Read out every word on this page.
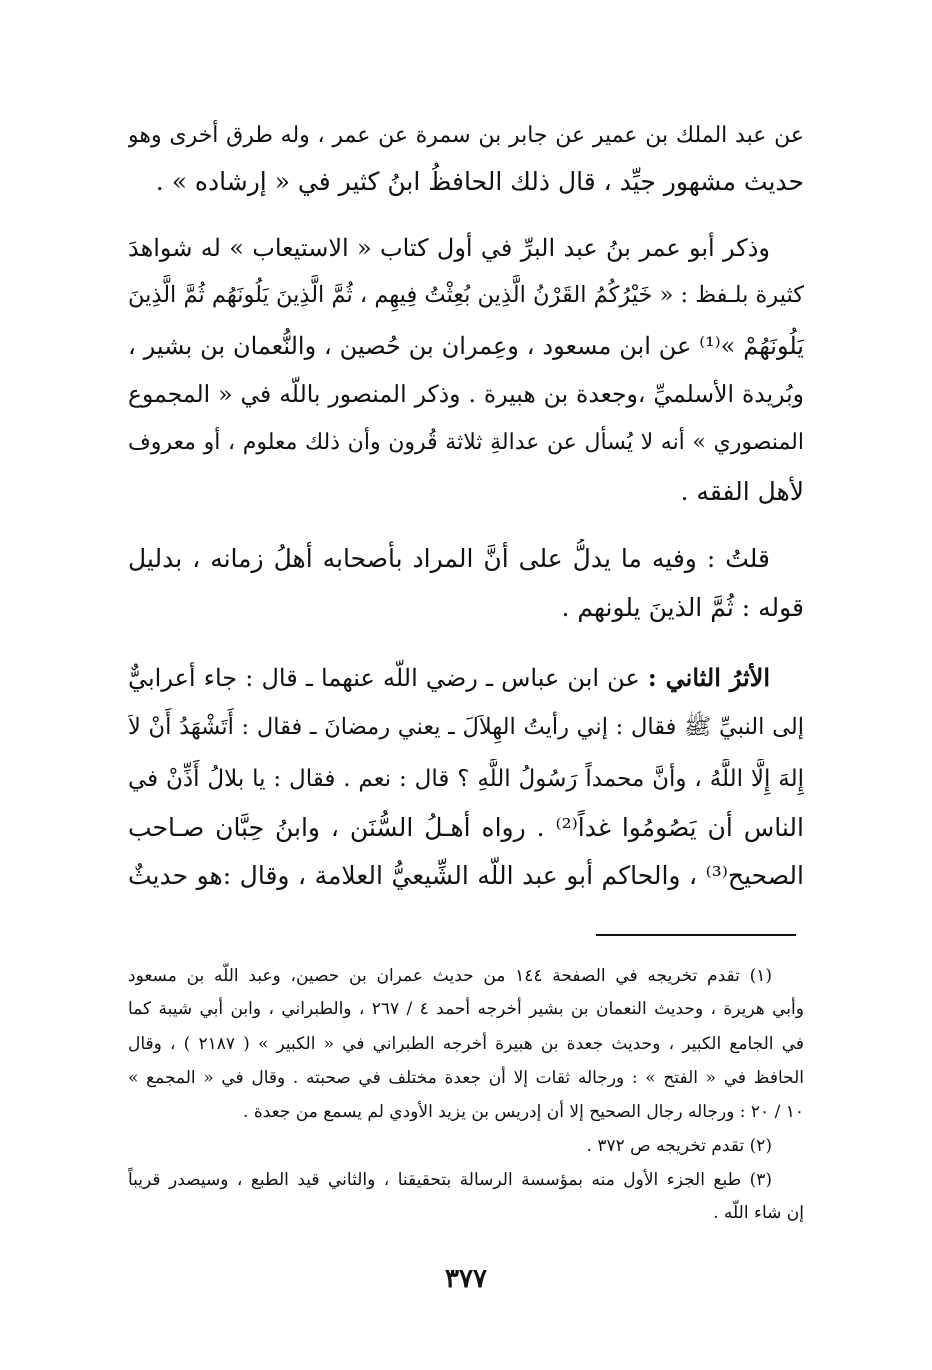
عن عبد الملك بن عمير عن جابر بن سمرة عن عمر ، وله طرق أخرى وهو
حديث مشهور جيِّد ، قال ذلك الحافظُ ابنُ كثير في « إرشاده » .
وذكر أبو عمر بنُ عبد البرِّ في أول كتاب « الاستيعاب » له شواهدَ
كثيرة بلـفظ : « خَيْرُكُمُ القَرْنُ الَّذِين بُعِثْتُ فِيهِم ، ثُمَّ الَّذِينَ يَلُونَهُم ثُمَّ الَّذِينَ
يَلُونَهُمْ »⁽¹⁾ عن ابن مسعود ، وعِمران بن حُصين ، والنُّعمان بن بشير ،
وبُريدة الأسلميِّ ،وجعدة بن هبيرة . وذكر المنصور باللّه في « المجموع
المنصوري » أنه لا يُسأل عن عدالةِ ثلاثة قُرون وأن ذلك معلوم ، أو معروف
لأهل الفقه .
قلتُ : وفيه ما يدلُّ على أنَّ المراد بأصحابه أهلُ زمانه ، بدليل
قوله : ثُمَّ الذينَ يلونهم .
الأثرُ الثاني : عن ابن عباس ـ رضي اللّه عنهما ـ قال : جاء أعرابيٌّ
إلى النبيِّ ﷺ فقال : إني رأيتُ الهِلاَلَ ـ يعني رمضانَ ـ فقال : أَتَشْهَدُ أَنْ لاَ
إِلهَ إِلَّا اللَّهُ ، وأنَّ محمداً رَسُولُ اللَّهِ ؟ قال : نعم . فقال : يا بلالُ أَذِّنْ في
الناس أن يَصُومُوا غداً⁽²⁾ . رواه أهـلُ السُّنَن ، وابنُ حِبَّان صـاحب
الصحيح⁽³⁾ ، والحاكم أبو عبد اللّه الشِّيعيُّ العلامة ، وقال :هو حديثٌ
(١) تقدم تخريجه في الصفحة ١٤٤ من حديث عمران بن حصين، وعبد اللّه بن مسعود
وأبي هريرة ، وحديث النعمان بن بشير أخرجه أحمد ٤ / ٢٦٧ ، والطبراني ، وابن أبي شيبة كما
في الجامع الكبير ، وحديث جعدة بن هبيرة أخرجه الطبراني في « الكبير » ( ٢١٨٧ ) ، وقال
الحافظ في « الفتح » : ورجاله ثقات إلا أن جعدة مختلف في صحبته . وقال في « المجمع »
١٠ / ٢٠ : ورجاله رجال الصحيح إلا أن إدريس بن يزيد الأودي لم يسمع من جعدة .
(٢) تقدم تخريجه ص ٣٧٢ .
(٣) طبع الجزء الأول منه بمؤسسة الرسالة بتحقيقنا ، والثاني قيد الطبع ، وسيصدر قريباً
إن شاء اللّه .
٣٧٧
